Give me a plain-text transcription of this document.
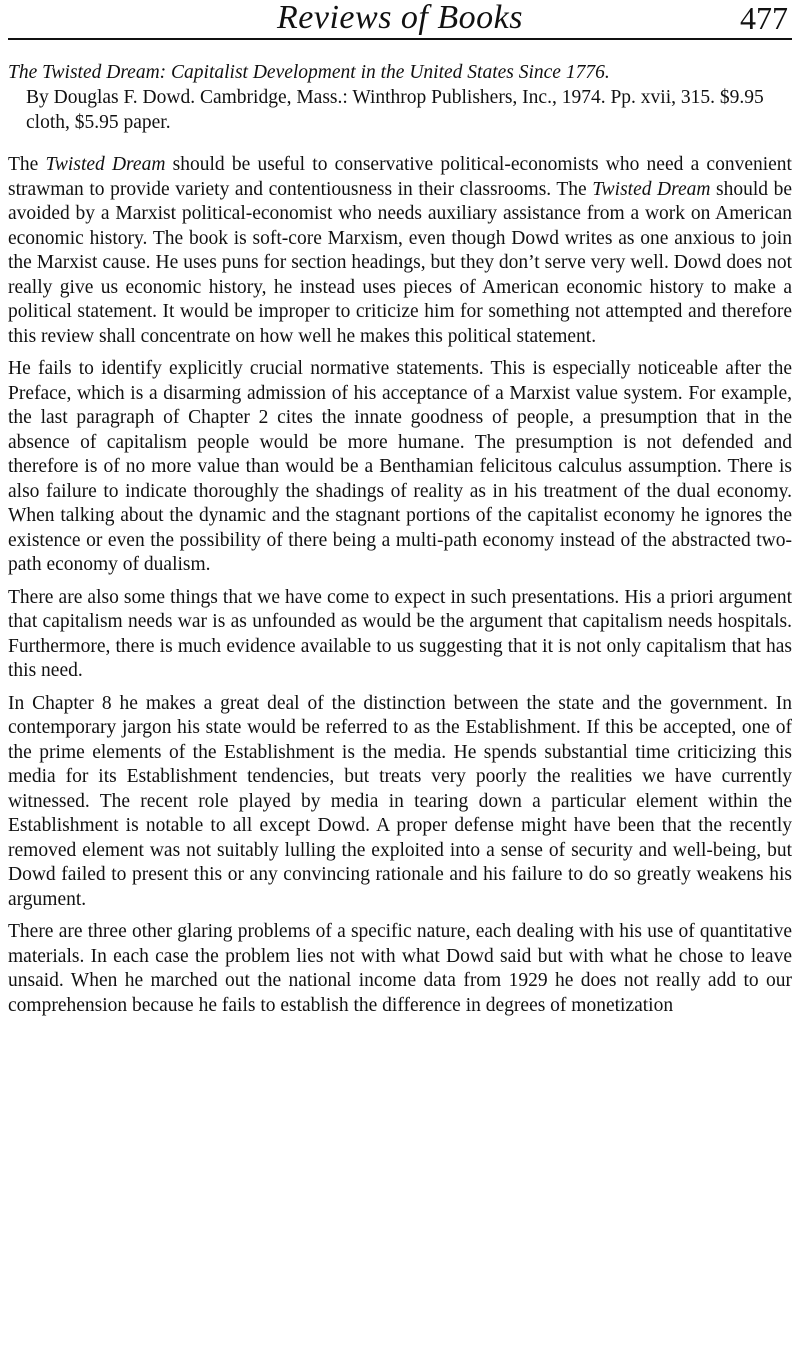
Reviews of Books	477
The Twisted Dream: Capitalist Development in the United States Since 1776.
By Douglas F. Dowd. Cambridge, Mass.: Winthrop Publishers, Inc., 1974. Pp. xvii, 315. $9.95 cloth, $5.95 paper.

The Twisted Dream should be useful to conservative political-economists who need a convenient strawman to provide variety and contentiousness in their classrooms. The Twisted Dream should be avoided by a Marxist political-economist who needs auxiliary assistance from a work on American economic history. The book is soft-core Marxism, even though Dowd writes as one anxious to join the Marxist cause. He uses puns for section headings, but they don’t serve very well. Dowd does not really give us economic history, he instead uses pieces of American economic history to make a political statement. It would be improper to criticize him for something not attempted and therefore this review shall concentrate on how well he makes this political statement.

He fails to identify explicitly crucial normative statements. This is especially noticeable after the Preface, which is a disarming admission of his acceptance of a Marxist value system. For example, the last paragraph of Chapter 2 cites the innate goodness of people, a presumption that in the absence of capitalism people would be more humane. The presumption is not defended and therefore is of no more value than would be a Benthamian felicitous calculus assumption. There is also failure to indicate thoroughly the shadings of reality as in his treatment of the dual economy. When talking about the dynamic and the stagnant portions of the capitalist economy he ignores the existence or even the possibility of there being a multi-path economy instead of the abstracted two-path economy of dualism.

There are also some things that we have come to expect in such presentations. His a priori argument that capitalism needs war is as unfounded as would be the argument that capitalism needs hospitals. Furthermore, there is much evidence available to us suggesting that it is not only capitalism that has this need.

In Chapter 8 he makes a great deal of the distinction between the state and the government. In contemporary jargon his state would be referred to as the Establishment. If this be accepted, one of the prime elements of the Establishment is the media. He spends substantial time criticizing this media for its Establishment tendencies, but treats very poorly the realities we have currently witnessed. The recent role played by media in tearing down a particular element within the Establishment is notable to all except Dowd. A proper defense might have been that the recently removed element was not suitably lulling the exploited into a sense of security and well-being, but Dowd failed to present this or any convincing rationale and his failure to do so greatly weakens his argument.

There are three other glaring problems of a specific nature, each dealing with his use of quantitative materials. In each case the problem lies not with what Dowd said but with what he chose to leave unsaid. When he marched out the national income data from 1929 he does not really add to our comprehension because he fails to establish the difference in degrees of monetization
